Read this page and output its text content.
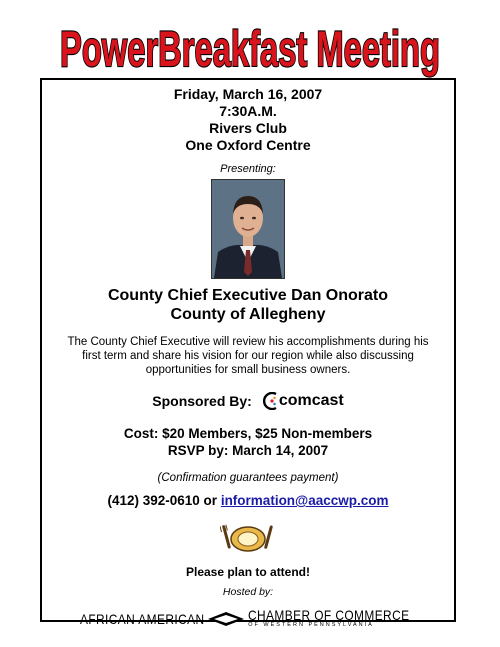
PowerBreakfast Meeting
Friday, March 16, 2007
7:30A.M.
Rivers Club
One Oxford Centre
Presenting:
County Chief Executive Dan Onorato
County of Allegheny
The County Chief Executive will review his accomplishments during his first term and share his vision for our region while also discussing opportunities for small business owners.
Sponsored By: comcast
Cost: $20 Members, $25 Non-members
RSVP by: March 14, 2007
(Confirmation guarantees payment)
(412) 392-0610 or information@aaccwp.com
Please plan to attend!
Hosted by:
AFRICAN AMERICAN	CHAMBER OF COMMERCE
OF WESTERN PENNSYLVANIA
